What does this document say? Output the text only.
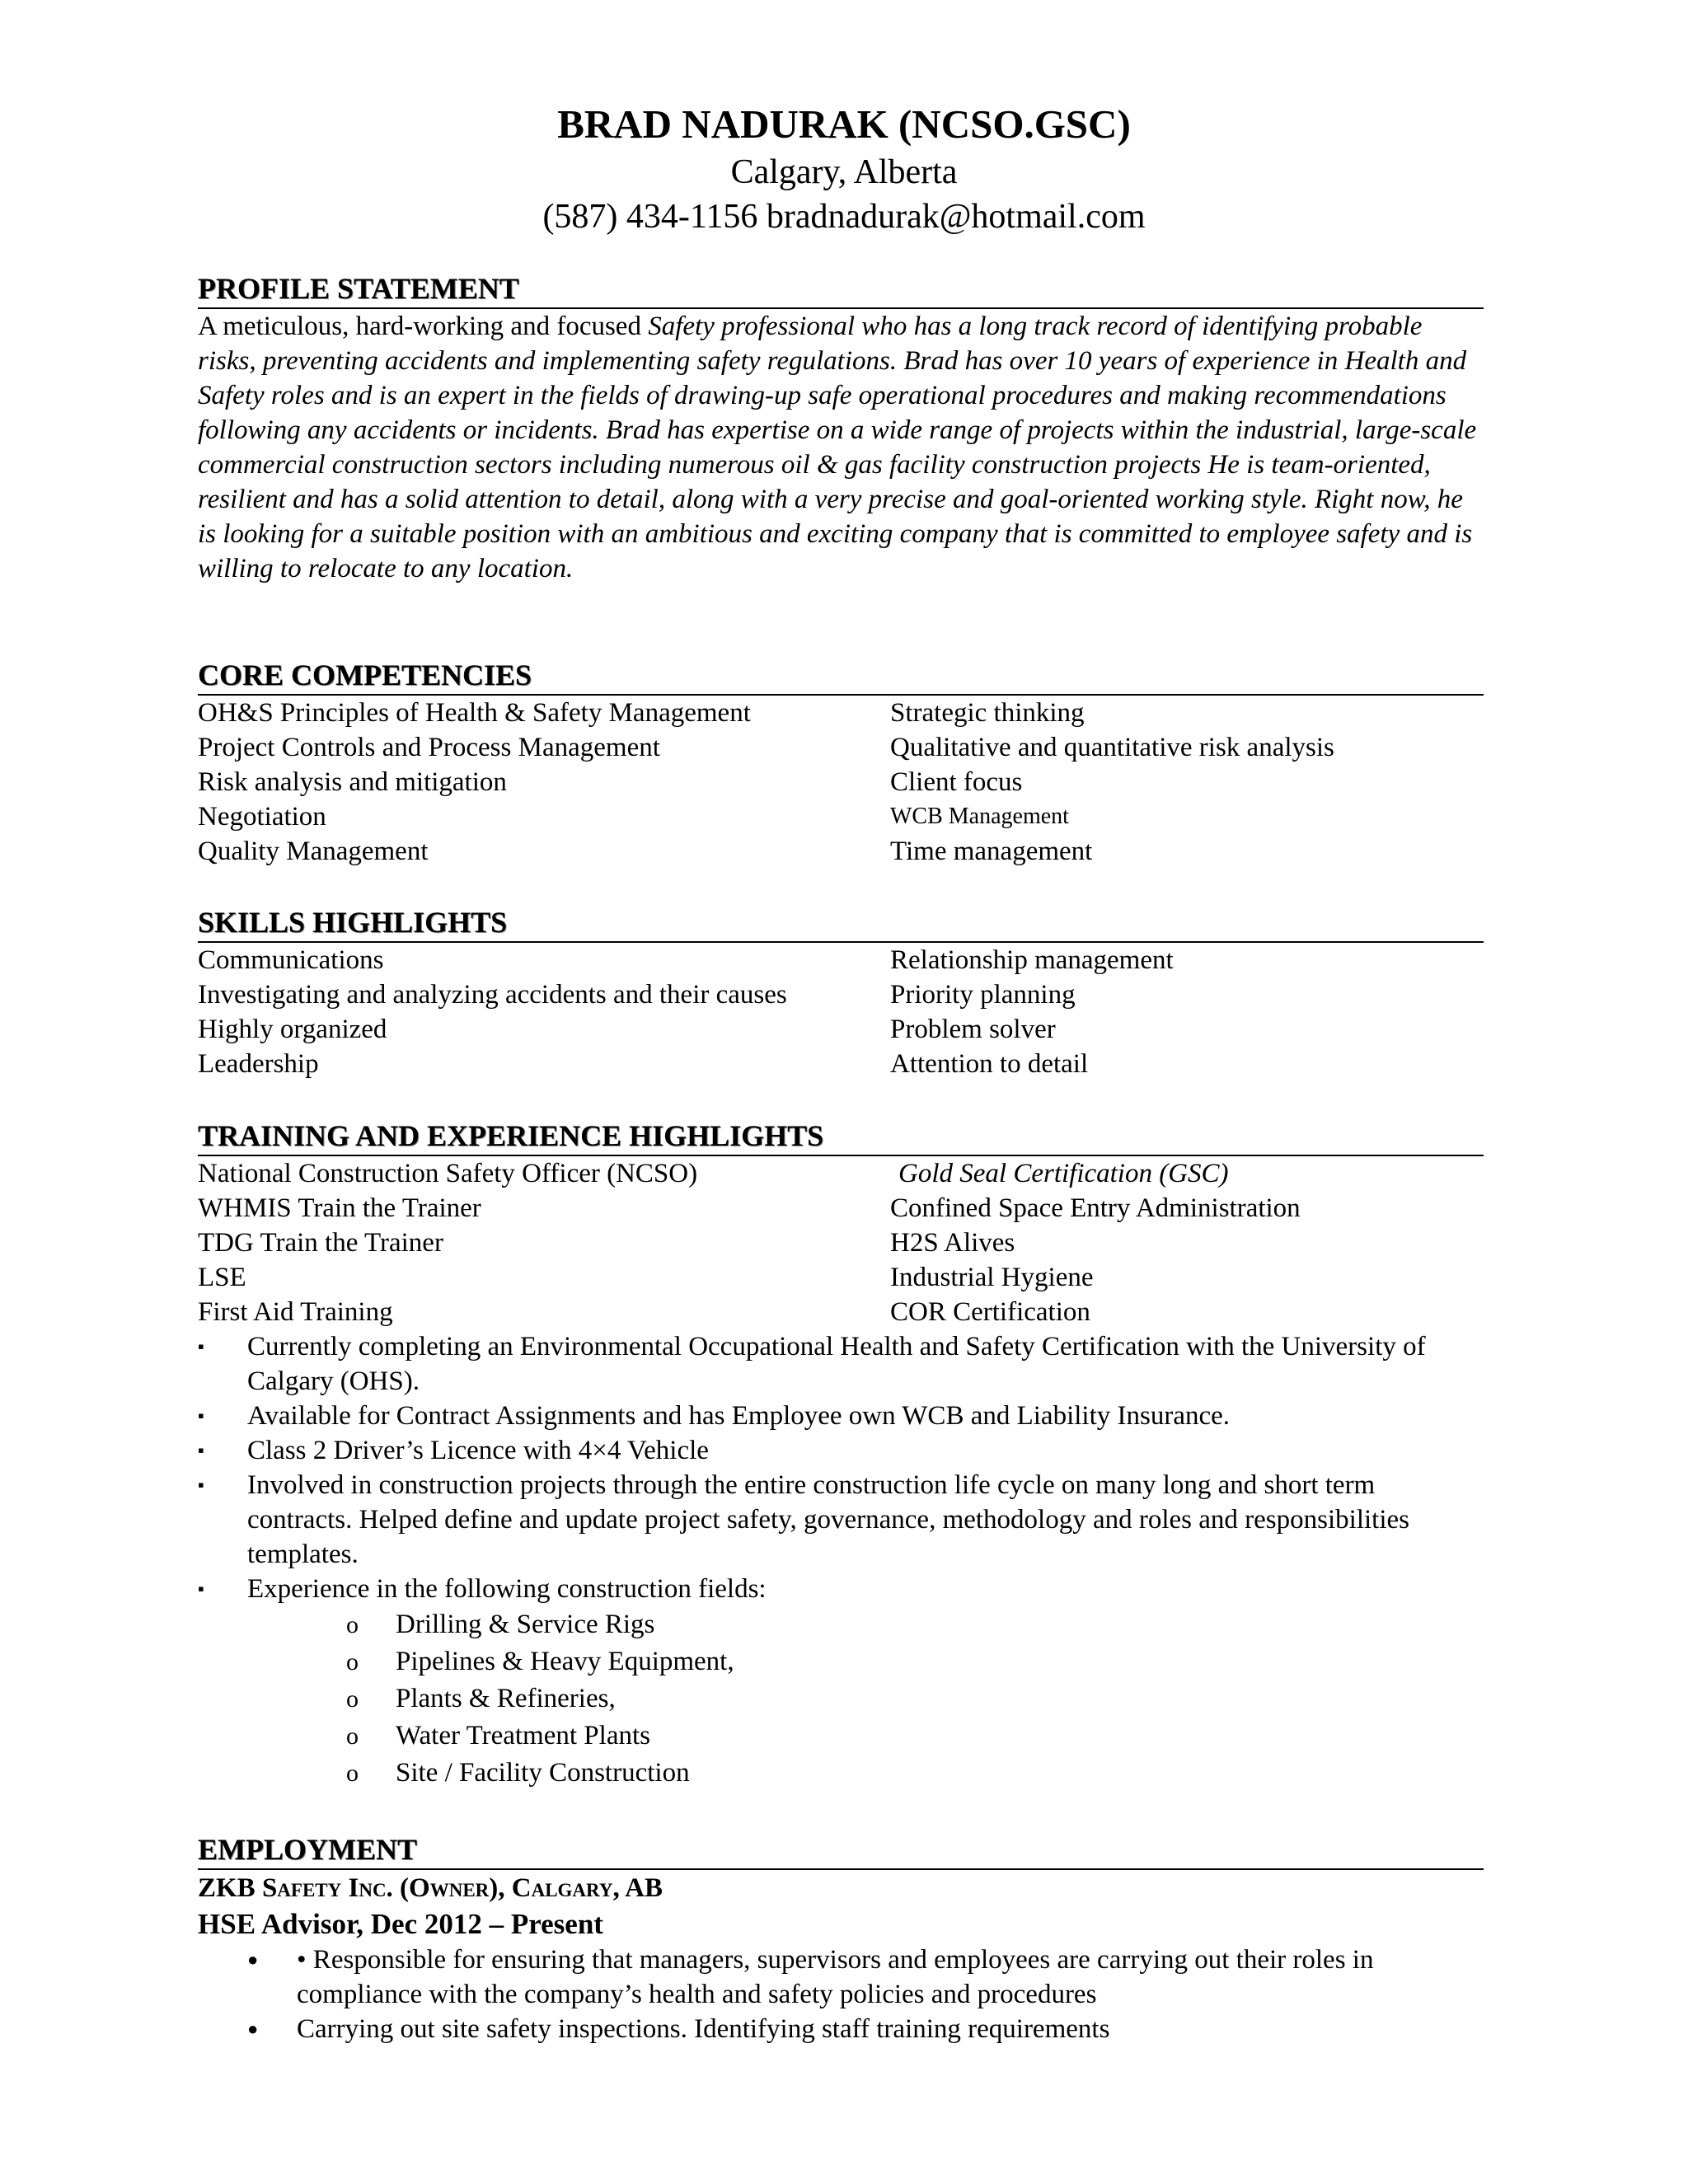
BRAD NADURAK (NCSO.GSC)
Calgary, Alberta
(587) 434-1156 bradnadurak@hotmail.com
PROFILE STATEMENT
A meticulous, hard-working and focused Safety professional who has a long track record of identifying probable risks, preventing accidents and implementing safety regulations. Brad has over 10 years of experience in Health and Safety roles and is an expert in the fields of drawing-up safe operational procedures and making recommendations following any accidents or incidents. Brad has expertise on a wide range of projects within the industrial, large-scale commercial construction sectors including numerous oil & gas facility construction projects He is team-oriented, resilient and has a solid attention to detail, along with a very precise and goal-oriented working style. Right now, he is looking for a suitable position with an ambitious and exciting company that is committed to employee safety and is willing to relocate to any location.
CORE COMPETENCIES
OH&S Principles of Health & Safety Management	Strategic thinking
Project Controls and Process Management	Qualitative and quantitative risk analysis
Risk analysis and mitigation	Client focus
Negotiation	WCB Management
Quality Management	Time management
SKILLS HIGHLIGHTS
Communications	Relationship management
Investigating and analyzing accidents and their causes	Priority planning
Highly organized	Problem solver
Leadership	Attention to detail
TRAINING AND EXPERIENCE HIGHLIGHTS
National Construction Safety Officer (NCSO)	Gold Seal Certification (GSC)
WHMIS Train the Trainer	Confined Space Entry Administration
TDG Train the Trainer	H2S Alives
LSE	Industrial Hygiene
First Aid Training	COR Certification
▪ Currently completing an Environmental Occupational Health and Safety Certification with the University of Calgary (OHS).
▪ Available for Contract Assignments and has Employee own WCB and Liability Insurance.
▪ Class 2 Driver’s Licence with 4×4 Vehicle
▪ Involved in construction projects through the entire construction life cycle on many long and short term contracts. Helped define and update project safety, governance, methodology and roles and responsibilities templates.
▪ Experience in the following construction fields:
o Drilling & Service Rigs
o Pipelines & Heavy Equipment,
o Plants & Refineries,
o Water Treatment Plants
o Site / Facility Construction
EMPLOYMENT
ZKB Safety Inc. (Owner), Calgary, AB
HSE Advisor, Dec 2012 – Present
● • Responsible for ensuring that managers, supervisors and employees are carrying out their roles in compliance with the company’s health and safety policies and procedures
● Carrying out site safety inspections. Identifying staff training requirements
